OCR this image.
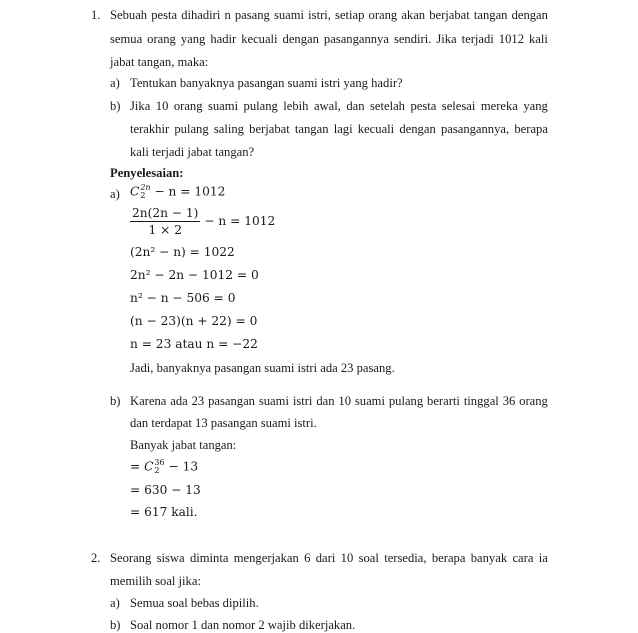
1. Sebuah pesta dihadiri n pasang suami istri, setiap orang akan berjabat tangan dengan
semua orang yang hadir kecuali dengan pasangannya sendiri. Jika terjadi 1012 kali
jabat tangan, maka:
a) Tentukan banyaknya pasangan suami istri yang hadir?
b) Jika 10 orang suami pulang lebih awal, dan setelah pesta selesai mereka yang
terakhir pulang saling berjabat tangan lagi kecuali dengan pasangannya, berapa
kali terjadi jabat tangan?
Penyelesaian:
a) C 2n
2 − n = 1012
$\frac{2n(2n - 1)}{1 \times 2} - n = 1012$
(2n² − n) = 1022
2n² − 2n − 1012 = 0
n² − n − 506 = 0
(n − 23)(n + 22) = 0
n = 23 atau n = −22
Jadi, banyaknya pasangan suami istri ada 23 pasang.
b) Karena ada 23 pasangan suami istri dan 10 suami pulang berarti tinggal 36 orang
dan terdapat 13 pasangan suami istri.
Banyak jabat tangan:
= C 36
2 − 13
= 630 − 13
= 617 kali.
2. Seorang siswa diminta mengerjakan 6 dari 10 soal tersedia, berapa banyak cara ia
memilih soal jika:
a) Semua soal bebas dipilih.
b) Soal nomor 1 dan nomor 2 wajib dikerjakan.
